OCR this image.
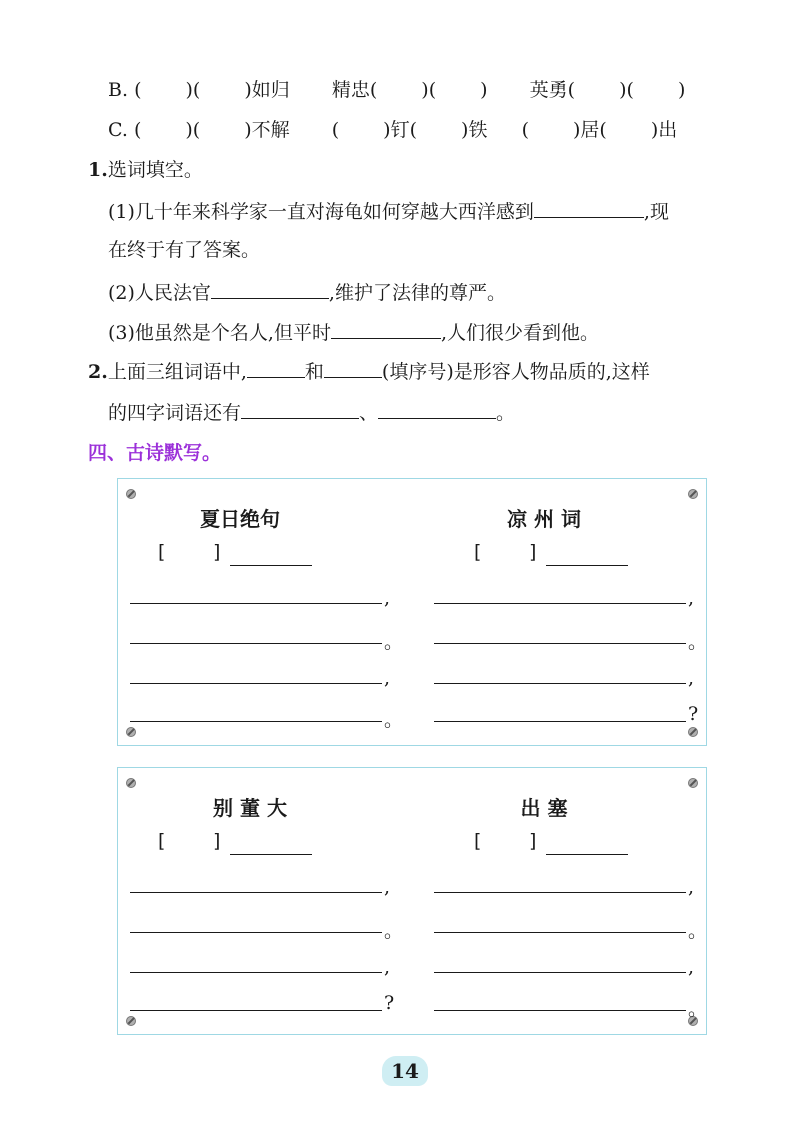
B. ( )( )如归 精忠( )( ) 英勇( )( )
C. ( )( )不解 ( )钉( )铁 ( )居( )出
1.选词填空。
(1)几十年来科学家一直对海龟如何穿越大西洋感到	,现
在终于有了答案。
(2)人民法官	,维护了法律的尊严。
(3)他虽然是个名人,但平时	,人们很少看到他。
2.上面三组词语中,	和	(填序号)是形容人物品质的,这样
的四字词语还有	、	。
四、古诗默写。
夏日绝句	凉 州 词
[	]	[	]
,
。
,
。
,
。
,
?
别 董 大	出 塞
[	]	[	]
,
。
,
?
,
。
,
。
14
